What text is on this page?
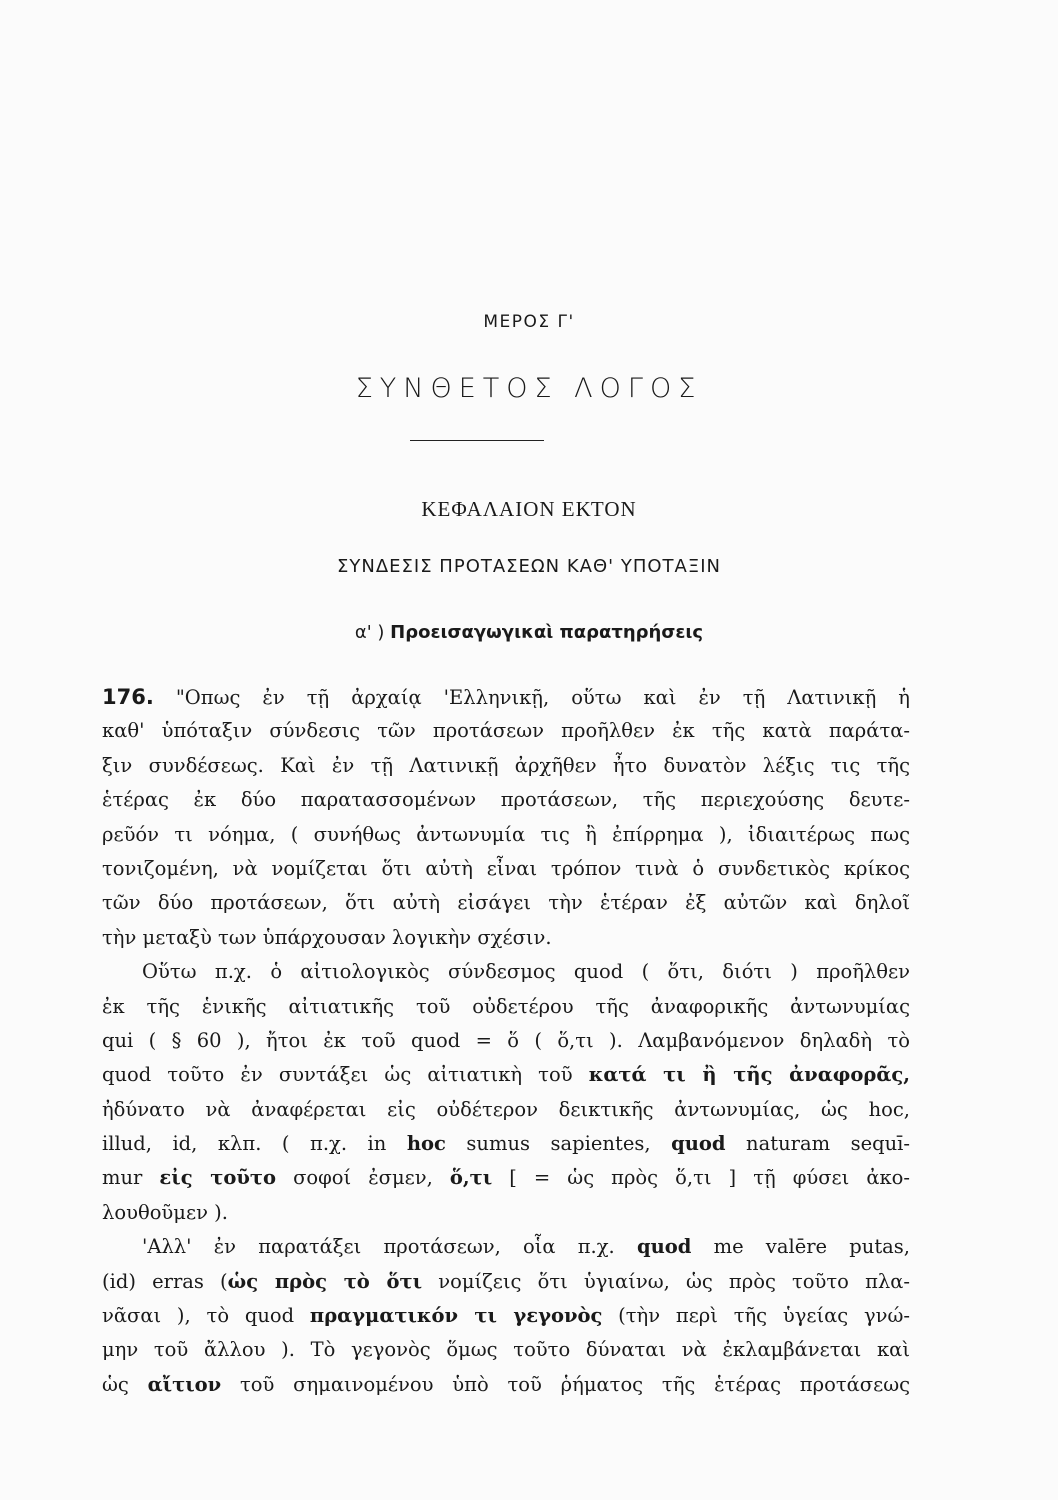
ΜΕΡΟΣ Γ'
ΣΥΝΘΕΤΟΣ ΛΟΓΟΣ
ΚΕΦΑΛΑΙΟΝ ΕΚΤΟΝ
ΣΥΝΔΕΣΙΣ ΠΡΟΤΑΣΕΩΝ ΚΑΘ' ΥΠΟΤΑΞΙΝ
α' ) Προεισαγωγικαὶ παρατηρήσεις
176. "Οπως ἐν τῇ ἀρχαίᾳ 'Ελληνικῇ, οὕτω καὶ ἐν τῇ Λατινικῇ ἡ
καθ' ὑπόταξιν σύνδεσις τῶν προτάσεων προῆλθεν ἐκ τῆς κατὰ παράτα-
ξιν συνδέσεως. Καὶ ἐν τῇ Λατινικῇ ἀρχῆθεν ἦτο δυνατὸν λέξις τις τῆς
ἑτέρας ἐκ δύο παρατασσομένων προτάσεων, τῆς περιεχούσης δευτε-
ρεῦόν τι νόημα, ( συνήθως ἀντωνυμία τις ἢ ἐπίρρημα ), ἰδιαιτέρως πως
τονιζομένη, νὰ νομίζεται ὅτι αὐτὴ εἶναι τρόπον τινὰ ὁ συνδετικὸς κρίκος
τῶν δύο προτάσεων, ὅτι αὐτὴ εἰσάγει τὴν ἑτέραν ἐξ αὐτῶν καὶ δηλοῖ
τὴν μεταξὺ των ὑπάρχουσαν λογικὴν σχέσιν.
Οὕτω π.χ. ὁ αἰτιολογικὸς σύνδεσμος quod ( ὅτι, διότι ) προῆλθεν
ἐκ τῆς ἑνικῆς αἰτιατικῆς τοῦ οὐδετέρου τῆς ἀναφορικῆς ἀντωνυμίας
qui ( § 60 ), ἤτοι ἐκ τοῦ quod = ὅ ( ὅ,τι ). Λαμβανόμενον δηλαδὴ τὸ
quod τοῦτο ἐν συντάξει ὡς αἰτιατικὴ τοῦ κατά τι ἢ τῆς ἀναφορᾶς,
ἠδύνατο νὰ ἀναφέρεται εἰς οὐδέτερον δεικτικῆς ἀντωνυμίας, ὡς hoc,
illud, id, κλπ. ( π.χ. in hoc sumus sapientes, quod naturam sequī-
mur εἰς τοῦτο σοφοί ἐσμεν, ὅ,τι [ = ὡς πρὸς ὅ,τι ] τῇ φύσει ἀκο-
λουθοῦμεν ).
'Αλλ' ἐν παρατάξει προτάσεων, οἷα π.χ. quod me valēre putas,
(id) erras (ὡς πρὸς τὸ ὅτι νομίζεις ὅτι ὑγιαίνω, ὡς πρὸς τοῦτο πλα-
νᾶσαι ), τὸ quod πραγματικόν τι γεγονὸς (τὴν περὶ τῆς ὑγείας γνώ-
μην τοῦ ἄλλου ). Τὸ γεγονὸς ὅμως τοῦτο δύναται νὰ ἐκλαμβάνεται καὶ
ὡς αἴτιον τοῦ σημαινομένου ὑπὸ τοῦ ῥήματος τῆς ἑτέρας προτάσεως
